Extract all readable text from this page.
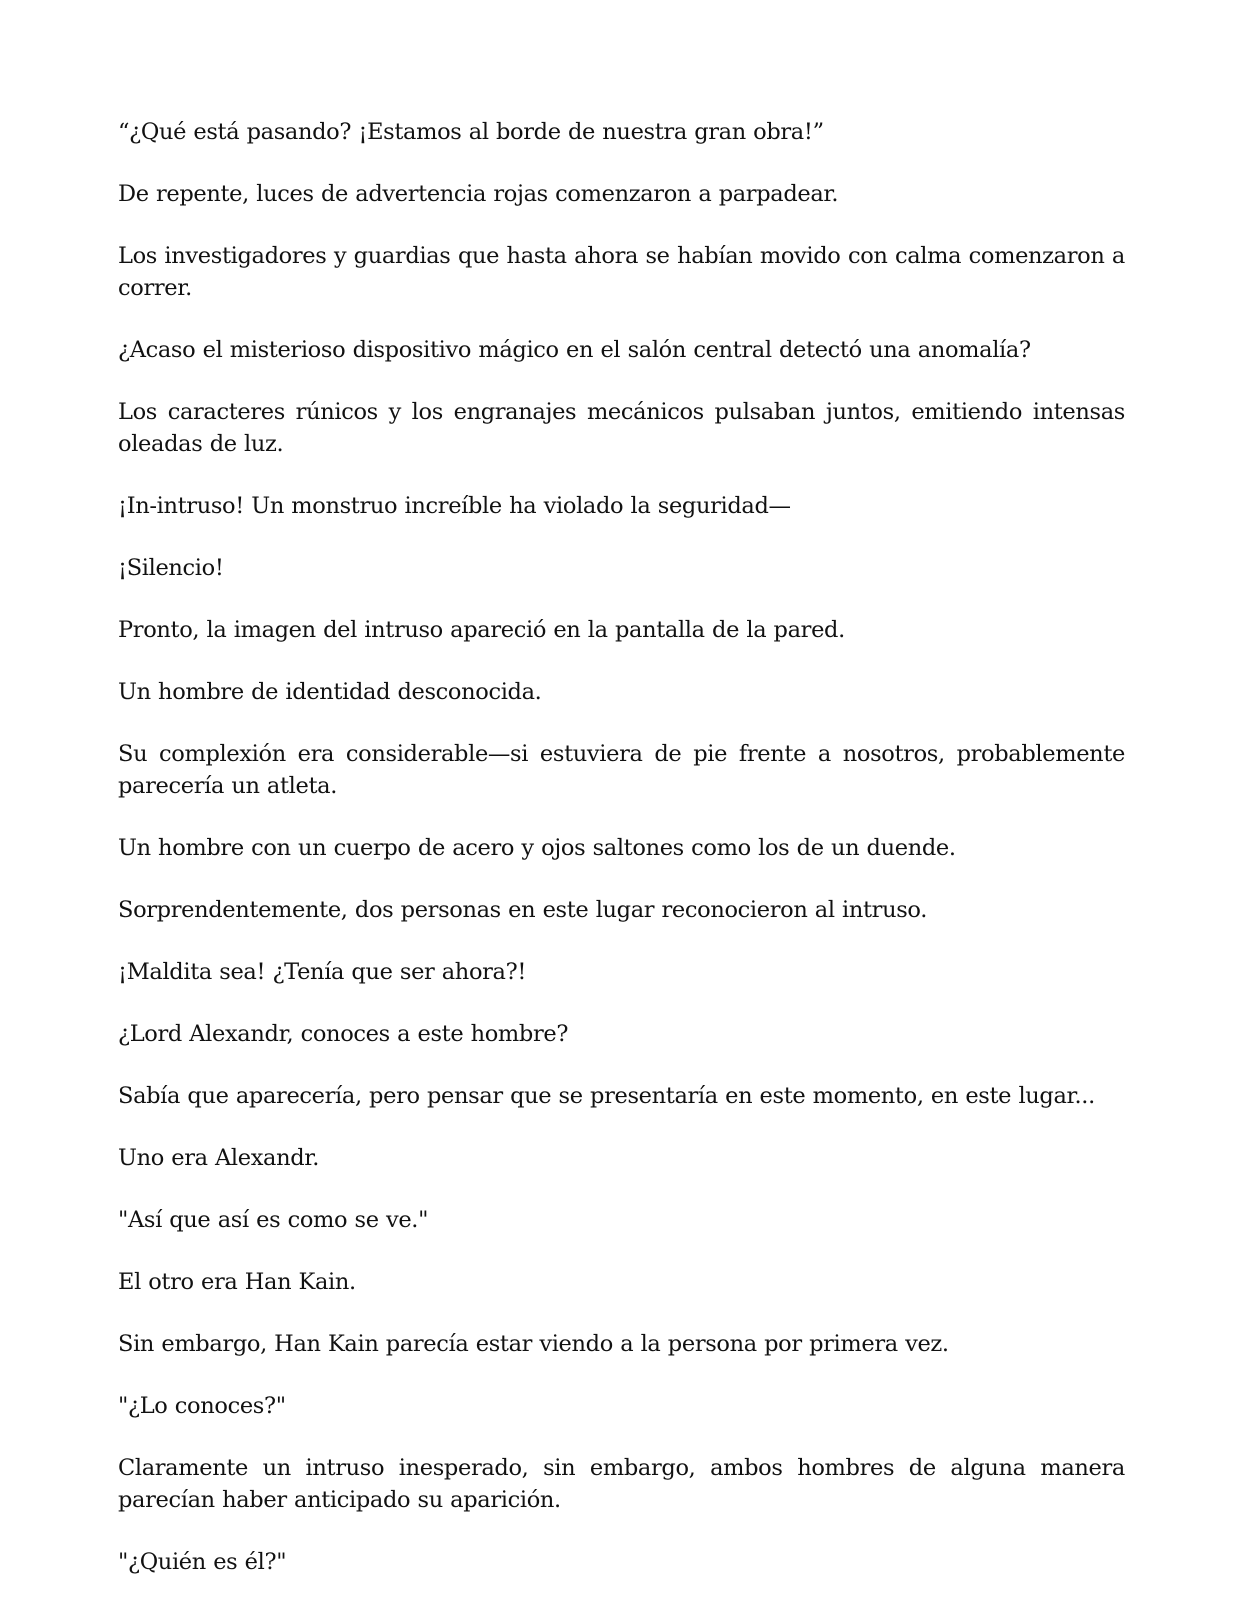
“¿Qué está pasando? ¡Estamos al borde de nuestra gran obra!”

De repente, luces de advertencia rojas comenzaron a parpadear.

Los investigadores y guardias que hasta ahora se habían movido con calma comenzaron a correr.

¿Acaso el misterioso dispositivo mágico en el salón central detectó una anomalía?

Los caracteres rúnicos y los engranajes mecánicos pulsaban juntos, emitiendo intensas oleadas de luz.

¡In-intruso! Un monstruo increíble ha violado la seguridad—

¡Silencio!

Pronto, la imagen del intruso apareció en la pantalla de la pared.

Un hombre de identidad desconocida.

Su complexión era considerable—si estuviera de pie frente a nosotros, probablemente parecería un atleta.

Un hombre con un cuerpo de acero y ojos saltones como los de un duende.

Sorprendentemente, dos personas en este lugar reconocieron al intruso.

¡Maldita sea! ¿Tenía que ser ahora?!

¿Lord Alexandr, conoces a este hombre?

Sabía que aparecería, pero pensar que se presentaría en este momento, en este lugar...

Uno era Alexandr.

"Así que así es como se ve."

El otro era Han Kain.

Sin embargo, Han Kain parecía estar viendo a la persona por primera vez.

"¿Lo conoces?"

Claramente un intruso inesperado, sin embargo, ambos hombres de alguna manera parecían haber anticipado su aparición.

"¿Quién es él?"
